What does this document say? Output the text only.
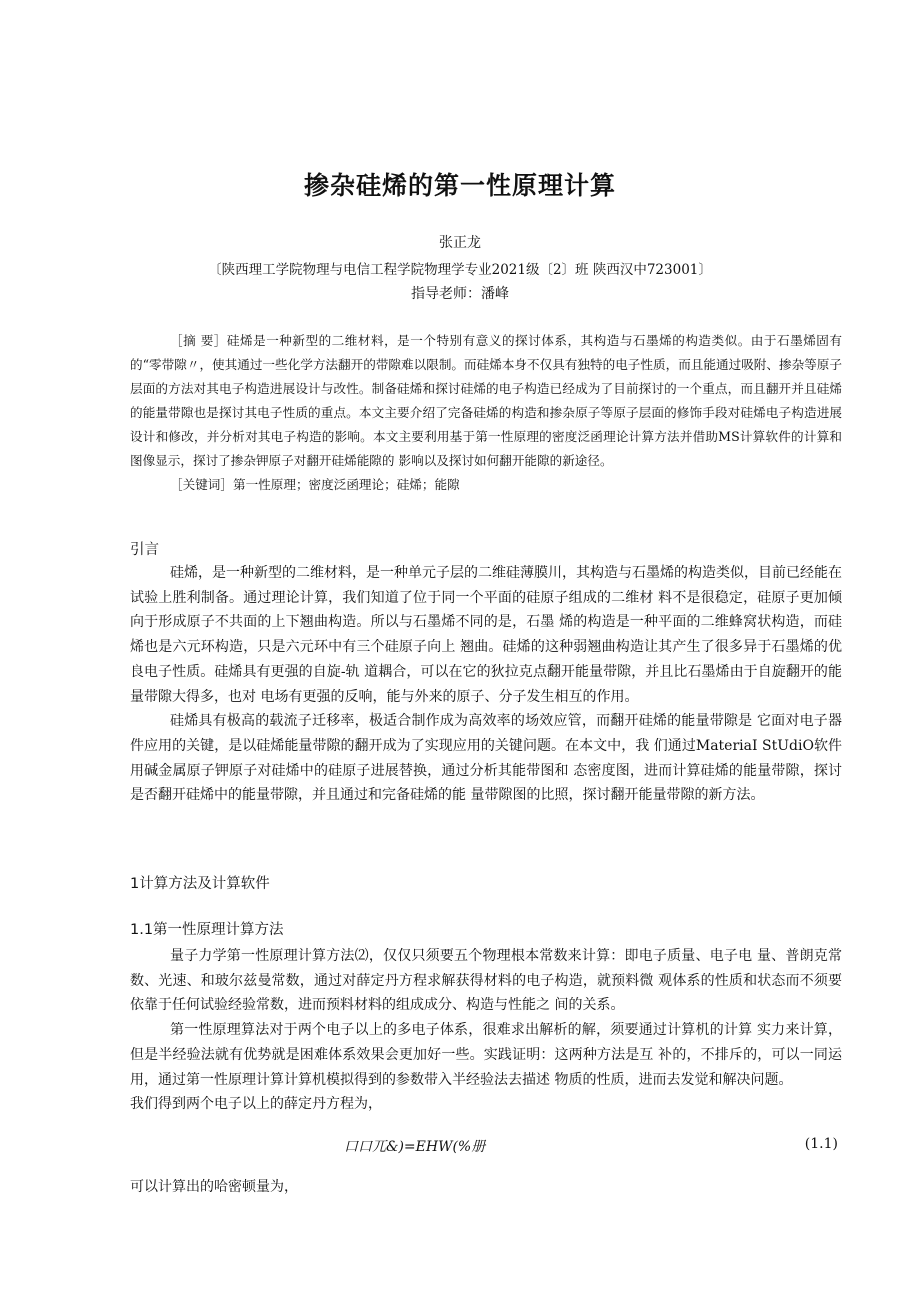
掺杂硅烯的第一性原理计算
张正龙
〔陕西理工学院物理与电信工程学院物理学专业2021级〔2〕班 陕西汉中723001〕
指导老师：潘峰

［摘 要］硅烯是一种新型的二维材料，是一个特别有意义的探讨体系，其构造与石墨烯的构造类似。由于石墨烯固有的“零带隙〃，使其通过一些化学方法翻开的带隙难以限制。而硅烯本身不仅具有独特的电子性质，而且能通过吸附、掺杂等原子层面的方法对其电子构造进展设计与改性。制备硅烯和探讨硅烯的电子构造已经成为了目前探讨的一个重点，而且翻开并且硅烯的能量带隙也是探讨其电子性质的重点。本文主要介绍了完备硅烯的构造和掺杂原子等原子层面的修饰手段对硅烯电子构造进展设计和修改，并分析对其电子构造的影响。本文主要利用基于第一性原理的密度泛函理论计算方法并借助MS计算软件的计算和图像显示，探讨了掺杂钾原子对翻开硅烯能隙的 影响以及探讨如何翻开能隙的新途径。

［关键词］第一性原理；密度泛函理论；硅烯；能隙

引言

硅烯，是一种新型的二维材料，是一种单元子层的二维硅薄膜川，其构造与石墨烯的构造类似，目前已经能在试验上胜利制备。通过理论计算，我们知道了位于同一个平面的硅原子组成的二维材 料不是很稳定，硅原子更加倾向于形成原子不共面的上下翘曲构造。所以与石墨烯不同的是，石墨 烯的构造是一种平面的二维蜂窝状构造，而硅烯也是六元环构造，只是六元环中有三个硅原子向上 翘曲。硅烯的这种弱翘曲构造让其产生了很多异于石墨烯的优良电子性质。硅烯具有更强的自旋-轨 道耦合，可以在它的狄拉克点翻开能量带隙，并且比石墨烯由于自旋翻开的能量带隙大得多，也对 电场有更强的反响，能与外来的原子、分子发生相互的作用。

硅烯具有极高的载流子迁移率，极适合制作成为高效率的场效应管，而翻开硅烯的能量带隙是 它面对电子器件应用的关键，是以硅烯能量带隙的翻开成为了实现应用的关键问题。在本文中，我 们通过MateriaI StUdiO软件用碱金属原子钾原子对硅烯中的硅原子进展替换，通过分析其能带图和 态密度图，进而计算硅烯的能量带隙，探讨是否翻开硅烯中的能量带隙，并且通过和完备硅烯的能 量带隙图的比照，探讨翻开能量带隙的新方法。

1计算方法及计算软件
1.1第一性原理计算方法

量子力学第一性原理计算方法⑵，仅仅只须要五个物理根本常数来计算：即电子质量、电子电 量、普朗克常数、光速、和玻尔兹曼常数，通过对薛定丹方程求解获得材料的电子构造，就预料微 观体系的性质和状态而不须要依靠于任何试验经验常数，进而预料材料的组成成分、构造与性能之 间的关系。

第一性原理算法对于两个电子以上的多电子体系，很难求出解析的解，须要通过计算机的计算 实力来计算，但是半经验法就有优势就是困难体系效果会更加好一些。实践证明：这两种方法是互 补的，不排斥的，可以一同运用，通过第一性原理计算计算机模拟得到的参数带入半经验法去描述 物质的性质，进而去发觉和解决问题。

我们得到两个电子以上的薛定丹方程为，

口口兀&)=EHW(%册	(1.1)

可以计算出的哈密顿量为，
